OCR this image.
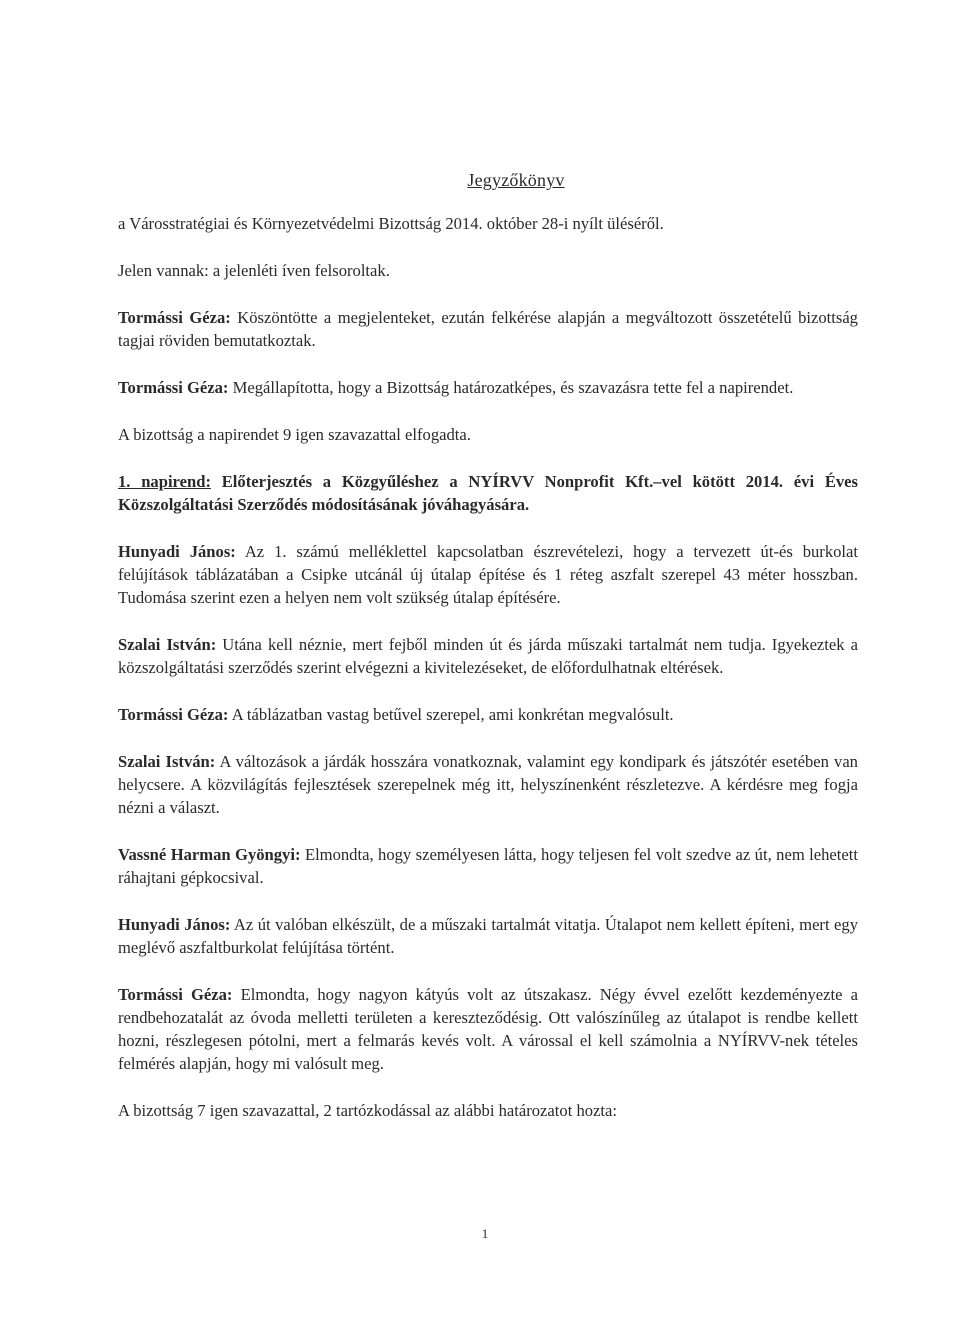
Jegyzőkönyv

a Városstratégiai és Környezetvédelmi Bizottság 2014. október 28-i nyílt üléséről.

Jelen vannak: a jelenléti íven felsoroltak.

Tormássi Géza: Köszöntötte a megjelenteket, ezután felkérése alapján a megváltozott összetételű bizottság tagjai röviden bemutatkoztak.

Tormássi Géza: Megállapította, hogy a Bizottság határozatképes, és szavazásra tette fel a napirendet.

A bizottság a napirendet 9 igen szavazattal elfogadta.

1. napirend: Előterjesztés a Közgyűléshez a NYÍRVV Nonprofit Kft.–vel kötött 2014. évi Éves Közszolgáltatási Szerződés módosításának jóváhagyására.

Hunyadi János: Az 1. számú melléklettel kapcsolatban észrevételezi, hogy a tervezett út-és burkolat felújítások táblázatában a Csipke utcánál új útalap építése és 1 réteg aszfalt szerepel 43 méter hosszban. Tudomása szerint ezen a helyen nem volt szükség útalap építésére.

Szalai István: Utána kell néznie, mert fejből minden út és járda műszaki tartalmát nem tudja. Igyekeztek a közszolgáltatási szerződés szerint elvégezni a kivitelezéseket, de előfordulhatnak eltérések.

Tormássi Géza: A táblázatban vastag betűvel szerepel, ami konkrétan megvalósult.

Szalai István: A változások a járdák hosszára vonatkoznak, valamint egy kondipark és játszótér esetében van helycsere. A közvilágítás fejlesztések szerepelnek még itt, helyszínenként részletezve. A kérdésre meg fogja nézni a választ.

Vassné Harman Gyöngyi: Elmondta, hogy személyesen látta, hogy teljesen fel volt szedve az út, nem lehetett ráhajtani gépkocsival.

Hunyadi János: Az út valóban elkészült, de a műszaki tartalmát vitatja. Útalapot nem kellett építeni, mert egy meglévő aszfaltburkolat felújítása történt.

Tormássi Géza: Elmondta, hogy nagyon kátyús volt az útszakasz. Négy évvel ezelőtt kezdeményezte a rendbehozatalát az óvoda melletti területen a kereszteződésig. Ott valószínűleg az útalapot is rendbe kellett hozni, részlegesen pótolni, mert a felmarás kevés volt. A várossal el kell számolnia a NYÍRVV-nek tételes felmérés alapján, hogy mi valósult meg.

A bizottság 7 igen szavazattal, 2 tartózkodással az alábbi határozatot hozta:

1
